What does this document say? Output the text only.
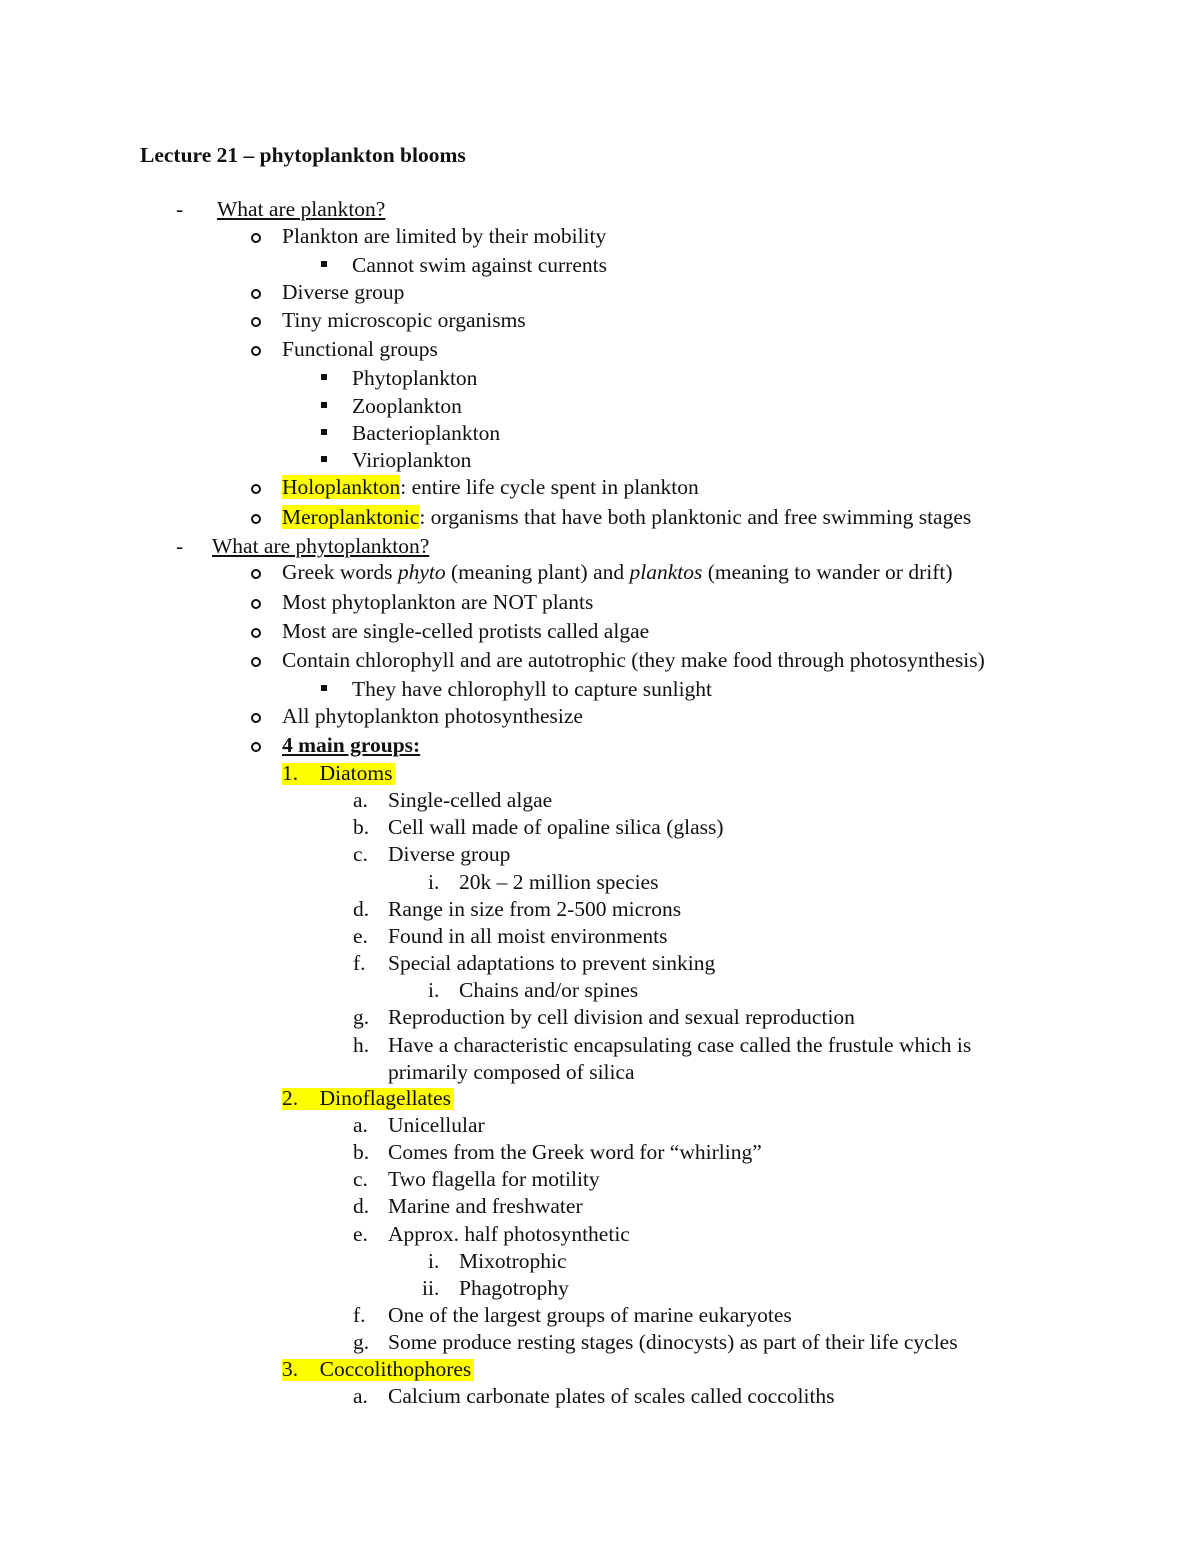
Lecture 21 – phytoplankton blooms
- What are plankton?
Plankton are limited by their mobility
Cannot swim against currents
Diverse group
Tiny microscopic organisms
Functional groups
Phytoplankton
Zooplankton
Bacterioplankton
Virioplankton
Holoplankton: entire life cycle spent in plankton
Meroplanktonic: organisms that have both planktonic and free swimming stages
- What are phytoplankton?
Greek words phyto (meaning plant) and planktos (meaning to wander or drift)
Most phytoplankton are NOT plants
Most are single-celled protists called algae
Contain chlorophyll and are autotrophic (they make food through photosynthesis)
They have chlorophyll to capture sunlight
All phytoplankton photosynthesize
4 main groups:
1. Diatoms
a. Single-celled algae
b. Cell wall made of opaline silica (glass)
c. Diverse group
i. 20k – 2 million species
d. Range in size from 2-500 microns
e. Found in all moist environments
f. Special adaptations to prevent sinking
i. Chains and/or spines
g. Reproduction by cell division and sexual reproduction
h. Have a characteristic encapsulating case called the frustule which is
primarily composed of silica
2. Dinoflagellates
a. Unicellular
b. Comes from the Greek word for “whirling”
c. Two flagella for motility
d. Marine and freshwater
e. Approx. half photosynthetic
i. Mixotrophic
ii. Phagotrophy
f. One of the largest groups of marine eukaryotes
g. Some produce resting stages (dinocysts) as part of their life cycles
3. Coccolithophores
a. Calcium carbonate plates of scales called coccoliths
